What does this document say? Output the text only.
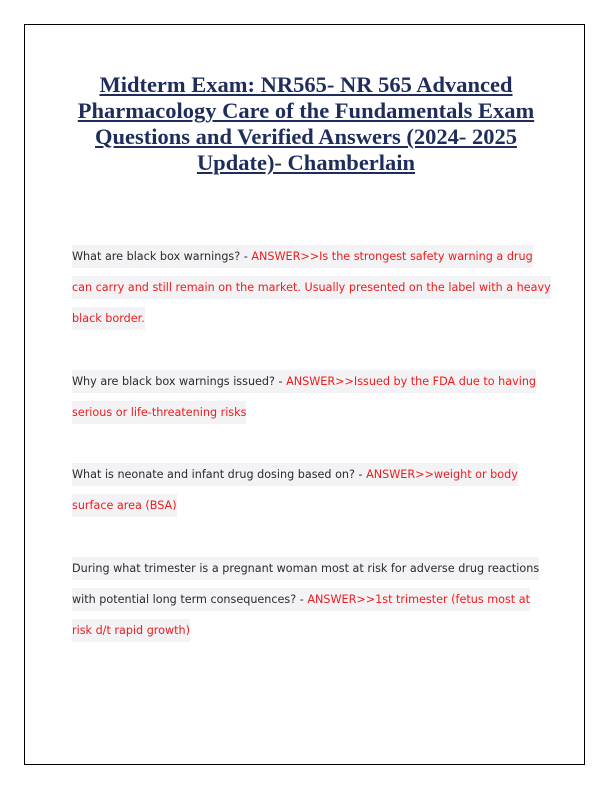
Midterm Exam: NR565- NR 565 Advanced Pharmacology Care of the Fundamentals Exam Questions and Verified Answers (2024- 2025 Update)- Chamberlain

What are black box warnings? - ANSWER>>Is the strongest safety warning a drug can carry and still remain on the market. Usually presented on the label with a heavy black border.

Why are black box warnings issued? - ANSWER>>Issued by the FDA due to having serious or life-threatening risks

What is neonate and infant drug dosing based on? - ANSWER>>weight or body surface area (BSA)

During what trimester is a pregnant woman most at risk for adverse drug reactions with potential long term consequences? - ANSWER>>1st trimester (fetus most at risk d/t rapid growth)
